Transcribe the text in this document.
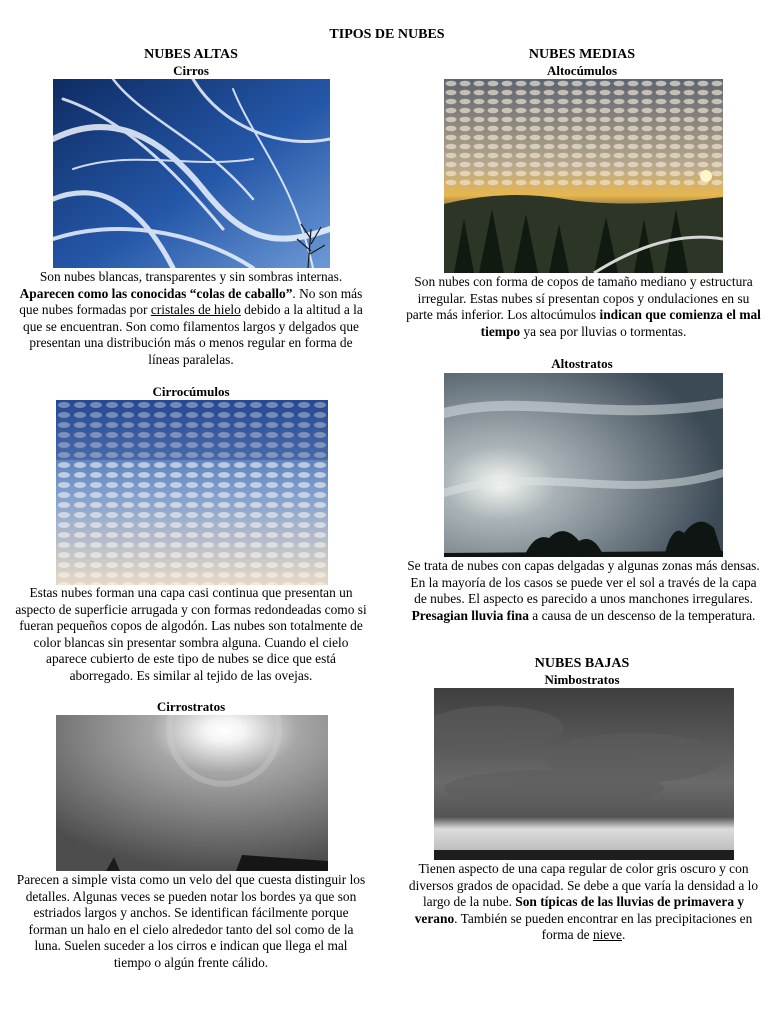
TIPOS DE NUBES
NUBES ALTAS
Cirros
Son nubes blancas, transparentes y sin sombras internas. Aparecen como las conocidas “colas de caballo”. No son más que nubes formadas por cristales de hielo debido a la altitud a la que se encuentran. Son como filamentos largos y delgados que presentan una distribución más o menos regular en forma de líneas paralelas.
Cirrocúmulos
Estas nubes forman una capa casi continua que presentan un aspecto de superficie arrugada y con formas redondeadas como si fueran pequeños copos de algodón. Las nubes son totalmente de color blancas sin presentar sombra alguna. Cuando el cielo aparece cubierto de este tipo de nubes se dice que está aborregado. Es similar al tejido de las ovejas.
Cirrostratos
Parecen a simple vista como un velo del que cuesta distinguir los detalles. Algunas veces se pueden notar los bordes ya que son estriados largos y anchos. Se identifican fácilmente porque forman un halo en el cielo alrededor tanto del sol como de la luna. Suelen suceder a los cirros e indican que llega el mal tiempo o algún frente cálido.
NUBES MEDIAS
Altocúmulos
Son nubes con forma de copos de tamaño mediano y estructura irregular. Estas nubes sí presentan copos y ondulaciones en su parte más inferior. Los altocúmulos indican que comienza el mal tiempo ya sea por lluvias o tormentas.
Altostratos
Se trata de nubes con capas delgadas y algunas zonas más densas. En la mayoría de los casos se puede ver el sol a través de la capa de nubes. El aspecto es parecido a unos manchones irregulares. Presagian lluvia fina a causa de un descenso de la temperatura.
NUBES BAJAS
Nimbostratos
Tienen aspecto de una capa regular de color gris oscuro y con diversos grados de opacidad. Se debe a que varía la densidad a lo largo de la nube. Son típicas de las lluvias de primavera y verano. También se pueden encontrar en las precipitaciones en forma de nieve.
